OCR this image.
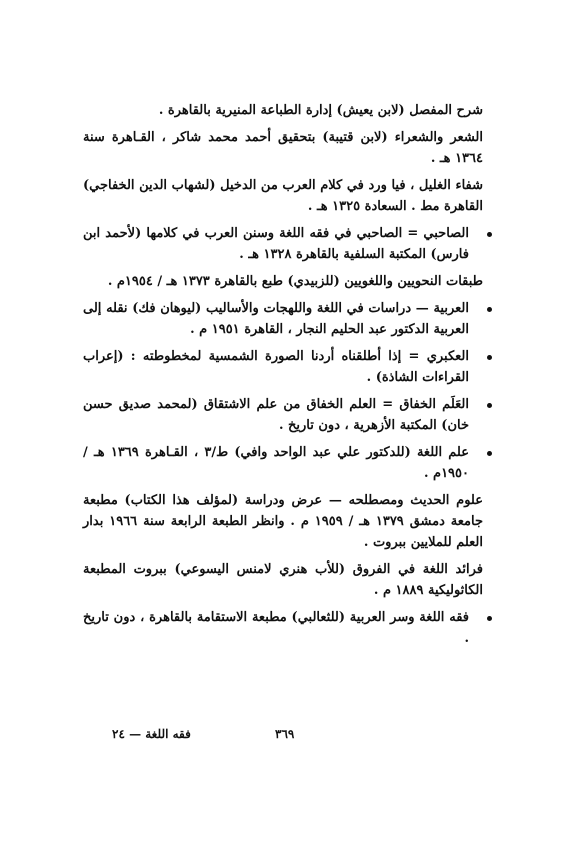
شرح المفصل (لابن يعيش) إدارة الطباعة المنيرية بالقاهرة .
الشعر والشعراء (لابن قتيبة) بتحقيق أحمد محمد شاكر ، القـاهرة سنة ١٣٦٤ هـ .
شفاء الغليل ، فيا ورد في كلام العرب من الدخيل (لشهاب الدين الخفاجي) القاهرة مط . السعادة ١٣٢٥ هـ .
الصاحبي = الصاحبي في فقه اللغة وسنن العرب في كلامها (لأحمد ابن فارس) المكتبة السلفية بالقاهرة ١٣٢٨ هـ .
طبقات النحويين واللغويين (للزبيدي) طبع بالقاهرة ١٣٧٣ هـ / ١٩٥٤م .
العربية — دراسات في اللغة واللهجات والأساليب (ليوهان فك) نقله إلى العربية الدكتور عبد الحليم النجار ، القاهرة ١٩٥١ م .
العكبري = إذا أطلقناه أردنا الصورة الشمسية لمخطوطته : (إعراب القراءات الشاذة) .
العَلَم الخفاق = العلم الخفاق من علم الاشتقاق (لمحمد صديق حسن خان) المكتبة الأزهرية ، دون تاريخ .
علم اللغة (للدكتور علي عبد الواحد وافي) ط/٣ ، القـاهرة ١٣٦٩ هـ / ١٩٥٠م .
علوم الحديث ومصطلحه — عرض ودراسة (لمؤلف هذا الكتاب) مطبعة جامعة دمشق ١٣٧٩ هـ / ١٩٥٩ م . وانظر الطبعة الرابعة سنة ١٩٦٦ بدار العلم للملايين ببروت .
فرائد اللغة في الفروق (للأب هنري لامنس اليسوعي) ببروت المطبعة الكاثوليكية ١٨٨٩ م .
فقه اللغة وسر العربية (للثعالبي) مطبعة الاستقامة بالقاهرة ، دون تاريخ .
٣٦٩
فقه اللغة — ٢٤
